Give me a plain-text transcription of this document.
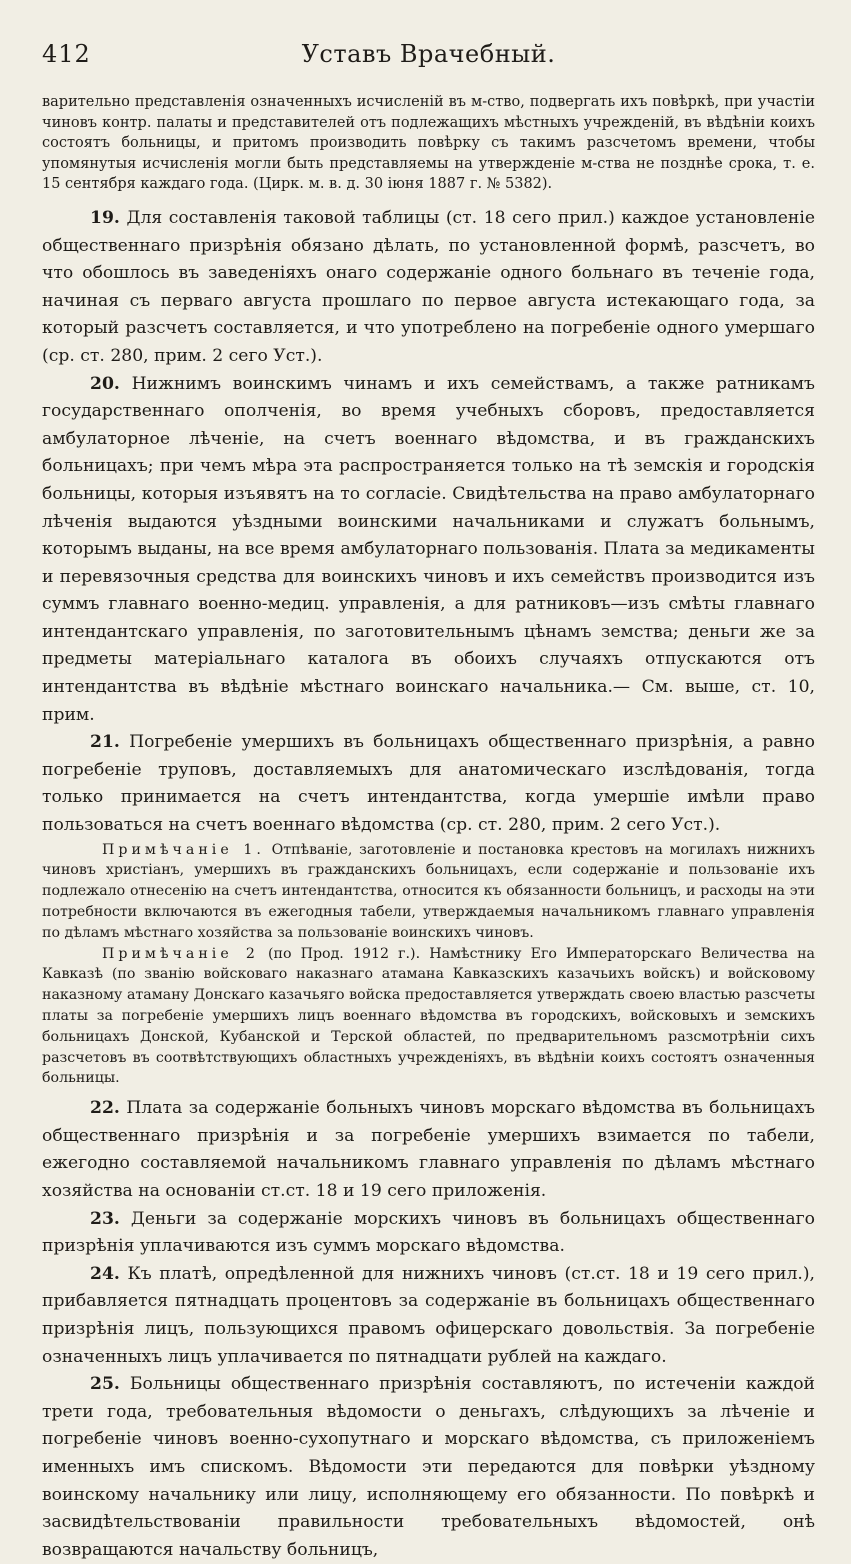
412	Уставъ Врачебный.

варительно представленія означенныхъ исчисленій въ м-ство, подвергать ихъ повѣркѣ, при участіи чиновъ контр. палаты и представителей отъ подлежащихъ мѣстныхъ учрежденій, въ вѣдѣніи коихъ состоятъ больницы, и притомъ производить повѣрку съ такимъ разсчетомъ времени, чтобы упомянутыя исчисленія могли быть представляемы на утвержденіе м-ства не позднѣе срока, т. е. 15 сентября каждаго года. (Цирк. м. в. д. 30 іюня 1887 г. № 5382).

19. Для составленія таковой таблицы (ст. 18 сего прил.) каждое установленіе общественнаго призрѣнія обязано дѣлать, по установленной формѣ, разсчетъ, во что обошлось въ заведеніяхъ онаго содержаніе одного больнаго въ теченіе года, начиная съ перваго августа прошлаго по первое августа истекающаго года, за который разсчетъ составляется, и что употреблено на погребеніе одного умершаго (ср. ст. 280, прим. 2 сего Уст.).

20. Нижнимъ воинскимъ чинамъ и ихъ семействамъ, а также ратникамъ государственнаго ополченія, во время учебныхъ сборовъ, предоставляется амбулаторное лѣченіе, на счетъ военнаго вѣдомства, и въ гражданскихъ больницахъ; при чемъ мѣра эта распространяется только на тѣ земскія и городскія больницы, которыя изъявятъ на то согласіе. Свидѣтельства на право амбулаторнаго лѣченія выдаются уѣздными воинскими начальниками и служатъ больнымъ, которымъ выданы, на все время амбулаторнаго пользованія. Плата за медикаменты и перевязочныя средства для воинскихъ чиновъ и ихъ семействъ производится изъ суммъ главнаго военно-медиц. управленія, а для ратниковъ—изъ смѣты главнаго интендантскаго управленія, по заготовительнымъ цѣнамъ земства; деньги же за предметы матеріальнаго каталога въ обоихъ случаяхъ отпускаются отъ интендантства въ вѣдѣніе мѣстнаго воинскаго начальника.— См. выше, ст. 10, прим.

21. Погребеніе умершихъ въ больницахъ общественнаго призрѣнія, а равно погребеніе труповъ, доставляемыхъ для анатомическаго изслѣдованія, тогда только принимается на счетъ интендантства, когда умершіе имѣли право пользоваться на счетъ военнаго вѣдомства (ср. ст. 280, прим. 2 сего Уст.).

Примѣчаніе 1. Отпѣваніе, заготовленіе и постановка крестовъ на могилахъ нижнихъ чиновъ христіанъ, умершихъ въ гражданскихъ больницахъ, если содержаніе и пользованіе ихъ подлежало отнесенію на счетъ интендантства, относится къ обязанности больницъ, и расходы на эти потребности включаются въ ежегодныя табели, утверждаемыя начальникомъ главнаго управленія по дѣламъ мѣстнаго хозяйства за пользованіе воинскихъ чиновъ.

Примѣчаніе 2 (по Прод. 1912 г.). Намѣстнику Его Императорскаго Величества на Кавказѣ (по званію войсковаго наказнаго атамана Кавказскихъ казачьихъ войскъ) и войсковому наказному атаману Донскаго казачьяго войска предоставляется утверждать своею властью разсчеты платы за погребеніе умершихъ лицъ военнаго вѣдомства въ городскихъ, войсковыхъ и земскихъ больницахъ Донской, Кубанской и Терской областей, по предварительномъ разсмотрѣніи сихъ разсчетовъ въ соотвѣтствующихъ областныхъ учрежденіяхъ, въ вѣдѣніи коихъ состоятъ означенныя больницы.

22. Плата за содержаніе больныхъ чиновъ морскаго вѣдомства въ больницахъ общественнаго призрѣнія и за погребеніе умершихъ взимается по табели, ежегодно составляемой начальникомъ главнаго управленія по дѣламъ мѣстнаго хозяйства на основаніи ст.ст. 18 и 19 сего приложенія.

23. Деньги за содержаніе морскихъ чиновъ въ больницахъ общественнаго призрѣнія уплачиваются изъ суммъ морскаго вѣдомства.

24. Къ платѣ, опредѣленной для нижнихъ чиновъ (ст.ст. 18 и 19 сего прил.), прибавляется пятнадцать процентовъ за содержаніе въ больницахъ общественнаго призрѣнія лицъ, пользующихся правомъ офицерскаго довольствія. За погребеніе означенныхъ лицъ уплачивается по пятнадцати рублей на каждаго.

25. Больницы общественнаго призрѣнія составляютъ, по истеченіи каждой трети года, требовательныя вѣдомости о деньгахъ, слѣдующихъ за лѣченіе и погребеніе чиновъ военно-сухопутнаго и морскаго вѣдомства, съ приложеніемъ именныхъ имъ спискомъ. Вѣдомости эти передаются для повѣрки уѣздному воинскому начальнику или лицу, исполняющему его обязанности. По повѣркѣ и засвидѣтельствованіи правильности требовательныхъ вѣдомостей, онѣ возвращаются начальству больницъ,
